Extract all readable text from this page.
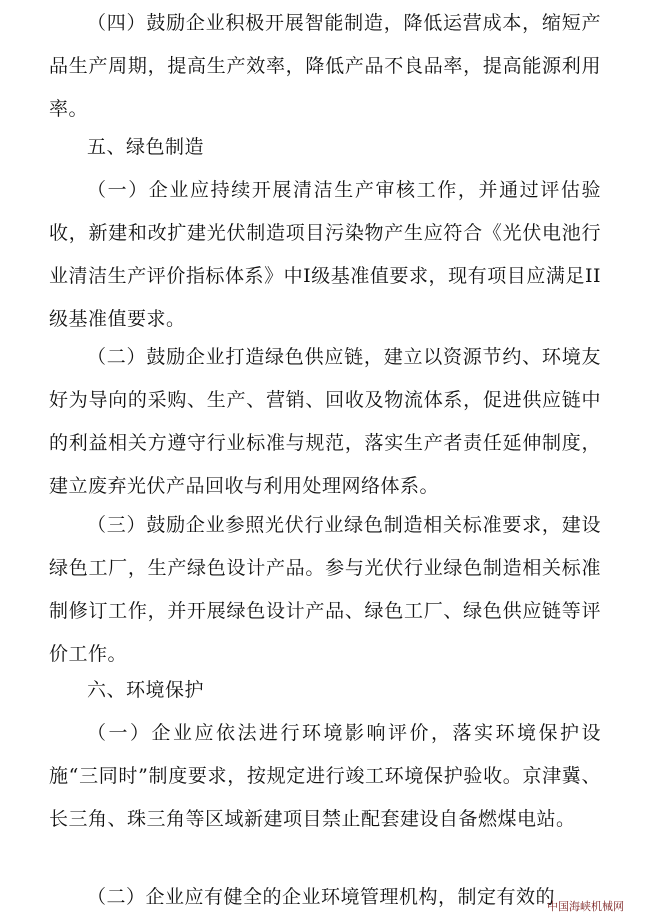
（四）鼓励企业积极开展智能制造，降低运营成本，缩短产品生产周期，提高生产效率，降低产品不良品率，提高能源利用率。

五、绿色制造

（一）企业应持续开展清洁生产审核工作，并通过评估验收，新建和改扩建光伏制造项目污染物产生应符合《光伏电池行业清洁生产评价指标体系》中I级基准值要求，现有项目应满足II级基准值要求。

（二）鼓励企业打造绿色供应链，建立以资源节约、环境友好为导向的采购、生产、营销、回收及物流体系，促进供应链中的利益相关方遵守行业标准与规范，落实生产者责任延伸制度，建立废弃光伏产品回收与利用处理网络体系。

（三）鼓励企业参照光伏行业绿色制造相关标准要求，建设绿色工厂，生产绿色设计产品。参与光伏行业绿色制造相关标准制修订工作，并开展绿色设计产品、绿色工厂、绿色供应链等评价工作。

六、环境保护

（一）企业应依法进行环境影响评价，落实环境保护设施“三同时”制度要求，按规定进行竣工环境保护验收。京津冀、长三角、珠三角等区域新建项目禁止配套建设自备燃煤电站。

（二）企业应有健全的企业环境管理机构，制定有效的

中国海峡机械网
